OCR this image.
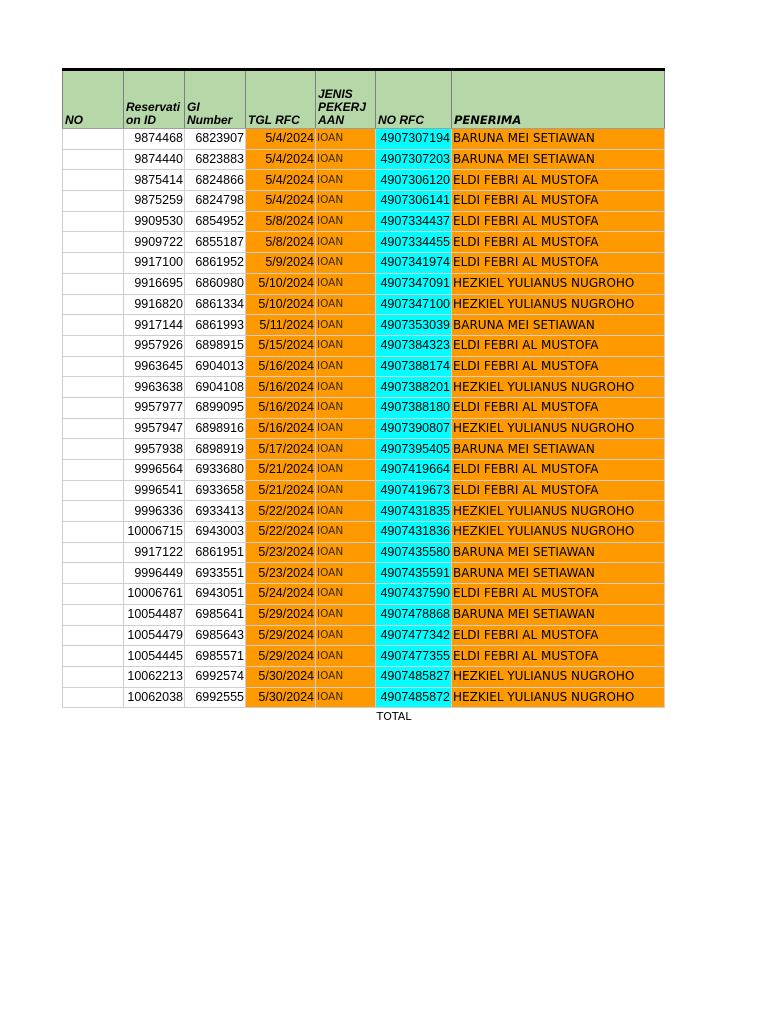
NO	Reservati on ID	GI Number	TGL RFC	JENIS PEKERJ AAN	NO RFC	PENERIMA
	9874468	6823907	5/4/2024	IOAN	4907307194	BARUNA MEI SETIAWAN
	9874440	6823883	5/4/2024	IOAN	4907307203	BARUNA MEI SETIAWAN
	9875414	6824866	5/4/2024	IOAN	4907306120	ELDI FEBRI AL MUSTOFA
	9875259	6824798	5/4/2024	IOAN	4907306141	ELDI FEBRI AL MUSTOFA
	9909530	6854952	5/8/2024	IOAN	4907334437	ELDI FEBRI AL MUSTOFA
	9909722	6855187	5/8/2024	IOAN	4907334455	ELDI FEBRI AL MUSTOFA
	9917100	6861952	5/9/2024	IOAN	4907341974	ELDI FEBRI AL MUSTOFA
	9916695	6860980	5/10/2024	IOAN	4907347091	HEZKIEL YULIANUS NUGROHO
	9916820	6861334	5/10/2024	IOAN	4907347100	HEZKIEL YULIANUS NUGROHO
	9917144	6861993	5/11/2024	IOAN	4907353039	BARUNA MEI SETIAWAN
	9957926	6898915	5/15/2024	IOAN	4907384323	ELDI FEBRI AL MUSTOFA
	9963645	6904013	5/16/2024	IOAN	4907388174	ELDI FEBRI AL MUSTOFA
	9963638	6904108	5/16/2024	IOAN	4907388201	HEZKIEL YULIANUS NUGROHO
	9957977	6899095	5/16/2024	IOAN	4907388180	ELDI FEBRI AL MUSTOFA
	9957947	6898916	5/16/2024	IOAN	4907390807	HEZKIEL YULIANUS NUGROHO
	9957938	6898919	5/17/2024	IOAN	4907395405	BARUNA MEI SETIAWAN
	9996564	6933680	5/21/2024	IOAN	4907419664	ELDI FEBRI AL MUSTOFA
	9996541	6933658	5/21/2024	IOAN	4907419673	ELDI FEBRI AL MUSTOFA
	9996336	6933413	5/22/2024	IOAN	4907431835	HEZKIEL YULIANUS NUGROHO
	10006715	6943003	5/22/2024	IOAN	4907431836	HEZKIEL YULIANUS NUGROHO
	9917122	6861951	5/23/2024	IOAN	4907435580	BARUNA MEI SETIAWAN
	9996449	6933551	5/23/2024	IOAN	4907435591	BARUNA MEI SETIAWAN
	10006761	6943051	5/24/2024	IOAN	4907437590	ELDI FEBRI AL MUSTOFA
	10054487	6985641	5/29/2024	IOAN	4907478868	BARUNA MEI SETIAWAN
	10054479	6985643	5/29/2024	IOAN	4907477342	ELDI FEBRI AL MUSTOFA
	10054445	6985571	5/29/2024	IOAN	4907477355	ELDI FEBRI AL MUSTOFA
	10062213	6992574	5/30/2024	IOAN	4907485827	HEZKIEL YULIANUS NUGROHO
	10062038	6992555	5/30/2024	IOAN	4907485872	HEZKIEL YULIANUS NUGROHO
					TOTAL	
